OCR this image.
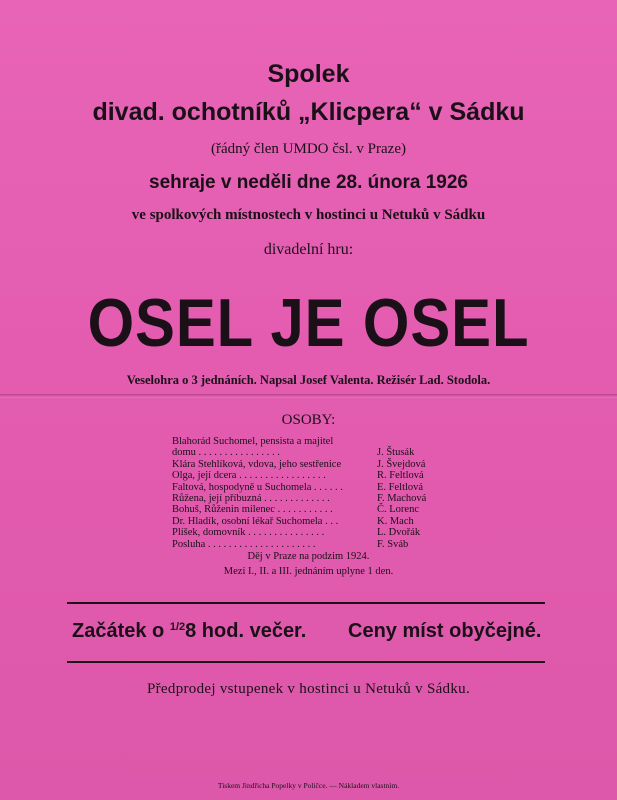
Spolek
divad. ochotníků „Klicpera“ v Sádku
(řádný člen UMDO čsl. v Praze)
sehraje v neděli dne 28. února 1926
ve spolkových místnostech v hostinci u Netuků v Sádku
divadelní hru:
OSEL JE OSEL
Veselohra o 3 jednáních. Napsal Josef Valenta. Režisér Lad. Stodola.
OSOBY:
Blahorád Suchomel, pensista a majitel
domu . . . . . . . . . . . . . . . .	J. Štusák
Klára Stehlíková, vdova, jeho sestřenice	J. Švejdová
Olga, její dcera . . . . . . . . . . . . . . . . .	R. Feltlová
Faltová, hospodyně u Suchomela . . . . . .	E. Feltlová
Růžena, její příbuzná . . . . . . . . . . . . .	F. Machová
Bohuš, Růženin milenec . . . . . . . . . . .	Č. Lorenc
Dr. Hladík, osobní lékař Suchomela . . .	K. Mach
Plíšek, domovník . . . . . . . . . . . . . . .	L. Dvořák
Posluha . . . . . . . . . . . . . . . . . . . . .	F. Sváb
Děj v Praze na podzim 1924.
Mezi I., II. a III. jednáním uplyne 1 den.
Začátek o $^{1/2}$8 hod. večer. Ceny míst obyčejné.
Předprodej vstupenek v hostinci u Netuků v Sádku.
Tiskem Jindřicha Popelky v Poličce. — Nákladem vlastním.
